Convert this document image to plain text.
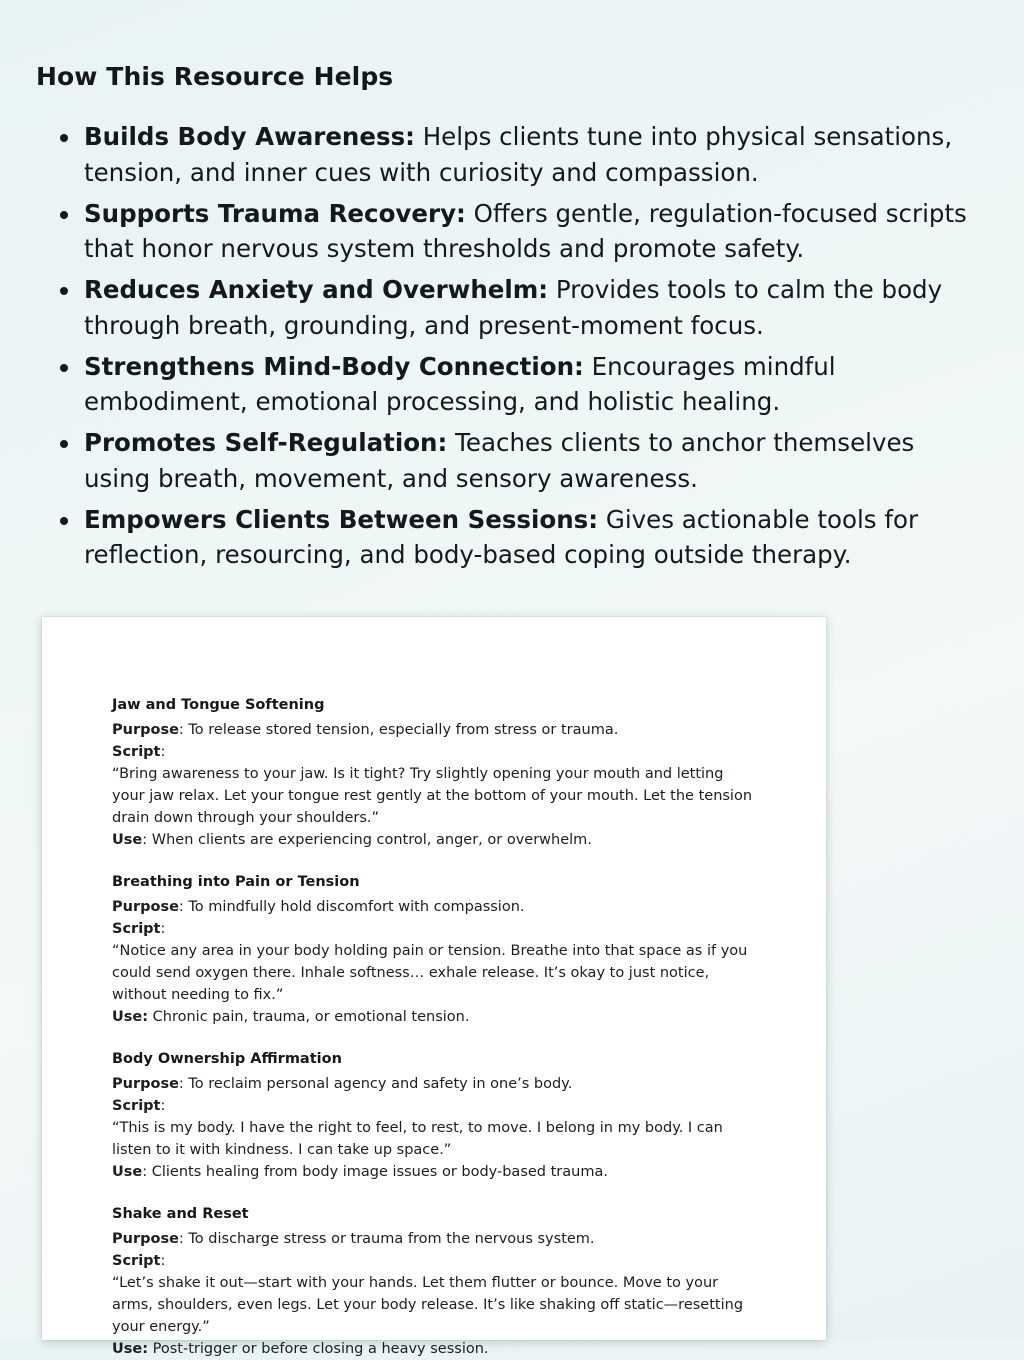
How This Resource Helps
Builds Body Awareness: Helps clients tune into physical sensations, tension, and inner cues with curiosity and compassion.
Supports Trauma Recovery: Offers gentle, regulation-focused scripts that honor nervous system thresholds and promote safety.
Reduces Anxiety and Overwhelm: Provides tools to calm the body through breath, grounding, and present-moment focus.
Strengthens Mind-Body Connection: Encourages mindful embodiment, emotional processing, and holistic healing.
Promotes Self-Regulation: Teaches clients to anchor themselves using breath, movement, and sensory awareness.
Empowers Clients Between Sessions: Gives actionable tools for reflection, resourcing, and body-based coping outside therapy.

Jaw and Tongue Softening

Purpose: To release stored tension, especially from stress or trauma.

Script:

“Bring awareness to your jaw. Is it tight? Try slightly opening your mouth and letting your jaw relax. Let your tongue rest gently at the bottom of your mouth. Let the tension drain down through your shoulders.”

Use: When clients are experiencing control, anger, or overwhelm.

Breathing into Pain or Tension

Purpose: To mindfully hold discomfort with compassion.

Script:

“Notice any area in your body holding pain or tension. Breathe into that space as if you could send oxygen there. Inhale softness… exhale release. It’s okay to just notice, without needing to fix.”

Use: Chronic pain, trauma, or emotional tension.

Body Ownership Affirmation

Purpose: To reclaim personal agency and safety in one’s body.

Script:

“This is my body. I have the right to feel, to rest, to move. I belong in my body. I can listen to it with kindness. I can take up space.”

Use: Clients healing from body image issues or body-based trauma.

Shake and Reset

Purpose: To discharge stress or trauma from the nervous system.

Script:

“Let’s shake it out—start with your hands. Let them flutter or bounce. Move to your arms, shoulders, even legs. Let your body release. It’s like shaking off static—resetting your energy.”

Use: Post-trigger or before closing a heavy session.
